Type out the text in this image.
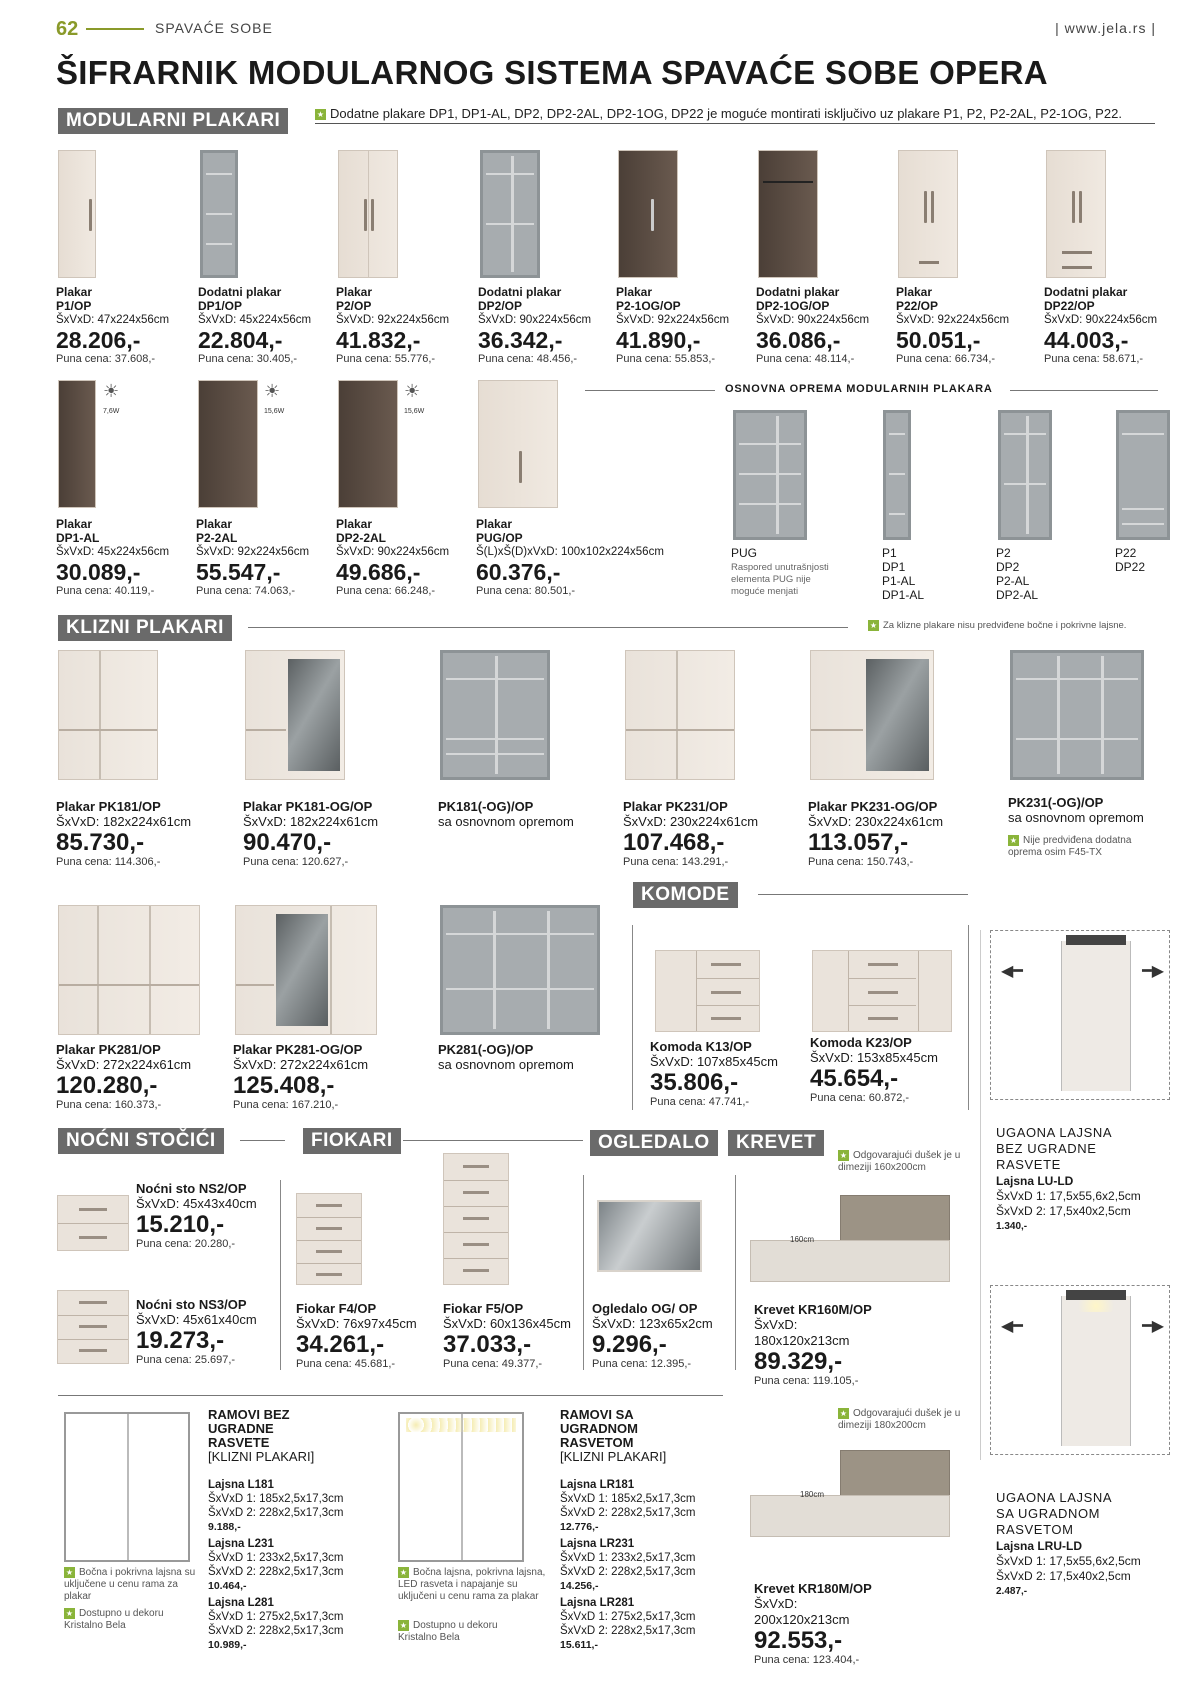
62	SPAVAĆE SOBE	| www.jela.rs |
ŠIFRARNIK MODULARNOG SISTEMA SPAVAĆE SOBE OPERA
MODULARNI PLAKARI	★ Dodatne plakare DP1, DP1-AL, DP2, DP2-2AL, DP2-1OG, DP22 je moguće montirati isključivo uz plakare P1, P2, P2-2AL, P2-1OG, P22.
☀
7,6W
☀
15,6W
☀
15,6W
OSNOVNA OPREMA MODULARNIH PLAKARA
PUG
Raspored unutrašnjosti elementa PUG nije moguće menjati
P1
DP1
P1-AL
DP1-AL
P2
DP2
P2-AL
DP2-AL
P22
DP22
KLIZNI PLAKARI	★ Za klizne plakare nisu predviđene bočne i pokrivne lajsne.
KOMODE
◀━	━▶
UGAONA LAJSNA
BEZ UGRADNE
RASVETE
Lajsna LU-LD
ŠxVxD 1: 17,5x55,6x2,5cm
ŠxVxD 2: 17,5x40x2,5cm
1.340,-
◀━	━▶
UGAONA LAJSNA
SA UGRADNOM
RASVETOM
Lajsna LRU-LD
ŠxVxD 1: 17,5x55,6x2,5cm
ŠxVxD 2: 17,5x40x2,5cm
2.487,-
NOĆNI STOČIĆI	FIOKARI	OGLEDALO	KREVET
★ Odgovarajući dušek je u dimeziji 160x200cm
160cm
★ Odgovarajući dušek je u dimeziji 180x200cm
180cm
RAMOVI BEZ
UGRADNE
RASVETE
[KLIZNI PLAKARI]
Lajsna L181
ŠxVxD 1: 185x2,5x17,3cm
ŠxVxD 2: 228x2,5x17,3cm
9.188,-
Lajsna L231
ŠxVxD 1: 233x2,5x17,3cm
ŠxVxD 2: 228x2,5x17,3cm
10.464,-
Lajsna L281
ŠxVxD 1: 275x2,5x17,3cm
ŠxVxD 2: 228x2,5x17,3cm
10.989,-
★ Bočna i pokrivna lajsna su uključene u cenu rama za plakar
★ Dostupno u dekoru Kristalno Bela
RAMOVI SA
UGRADNOM
RASVETOM
[KLIZNI PLAKARI]
Lajsna LR181
ŠxVxD 1: 185x2,5x17,3cm
ŠxVxD 2: 228x2,5x17,3cm
12.776,-
Lajsna LR231
ŠxVxD 1: 233x2,5x17,3cm
ŠxVxD 2: 228x2,5x17,3cm
14.256,-
Lajsna LR281
ŠxVxD 1: 275x2,5x17,3cm
ŠxVxD 2: 228x2,5x17,3cm
15.611,-
★ Bočna lajsna, pokrivna lajsna, LED rasveta i napajanje su uključeni u cenu rama za plakar
★ Dostupno u dekoru Kristalno Bela
Plakar
P1/OP
ŠxVxD: 47x224x56cm
28.206,-
Puna cena: 37.608,-
Dodatni plakar
DP1/OP
ŠxVxD: 45x224x56cm
22.804,-
Puna cena: 30.405,-
Plakar
P2/OP
ŠxVxD: 92x224x56cm
41.832,-
Puna cena: 55.776,-
Dodatni plakar
DP2/OP
ŠxVxD: 90x224x56cm
36.342,-
Puna cena: 48.456,-
Plakar
P2-1OG/OP
ŠxVxD: 92x224x56cm
41.890,-
Puna cena: 55.853,-
Dodatni plakar
DP2-1OG/OP
ŠxVxD: 90x224x56cm
36.086,-
Puna cena: 48.114,-
Plakar
P22/OP
ŠxVxD: 92x224x56cm
50.051,-
Puna cena: 66.734,-
Dodatni plakar
DP22/OP
ŠxVxD: 90x224x56cm
44.003,-
Puna cena: 58.671,-
Plakar
DP1-AL
ŠxVxD: 45x224x56cm
30.089,-
Puna cena: 40.119,-
Plakar
P2-2AL
ŠxVxD: 92x224x56cm
55.547,-
Puna cena: 74.063,-
Plakar
DP2-2AL
ŠxVxD: 90x224x56cm
49.686,-
Puna cena: 66.248,-
Plakar
PUG/OP
Š(L)xŠ(D)xVxD: 100x102x224x56cm
60.376,-
Puna cena: 80.501,-
Plakar PK181/OP
ŠxVxD: 182x224x61cm
85.730,-
Puna cena: 114.306,-
Plakar PK181-OG/OP
ŠxVxD: 182x224x61cm
90.470,-
Puna cena: 120.627,-
PK181(-OG)/OP
sa osnovnom opremom
Plakar PK231/OP
ŠxVxD: 230x224x61cm
107.468,-
Puna cena: 143.291,-
Plakar PK231-OG/OP
ŠxVxD: 230x224x61cm
113.057,-
Puna cena: 150.743,-
PK231(-OG)/OP
sa osnovnom opremom
★ Nije predviđena dodatna oprema osim F45-TX
Plakar PK281/OP
ŠxVxD: 272x224x61cm
120.280,-
Puna cena: 160.373,-
Plakar PK281-OG/OP
ŠxVxD: 272x224x61cm
125.408,-
Puna cena: 167.210,-
PK281(-OG)/OP
sa osnovnom opremom
Komoda K13/OP
ŠxVxD: 107x85x45cm
35.806,-
Puna cena: 47.741,-
Komoda K23/OP
ŠxVxD: 153x85x45cm
45.654,-
Puna cena: 60.872,-
Noćni sto NS2/OP
ŠxVxD: 45x43x40cm
15.210,-
Puna cena: 20.280,-
Noćni sto NS3/OP
ŠxVxD: 45x61x40cm
19.273,-
Puna cena: 25.697,-
Fiokar F4/OP
ŠxVxD: 76x97x45cm
34.261,-
Puna cena: 45.681,-
Fiokar F5/OP
ŠxVxD: 60x136x45cm
37.033,-
Puna cena: 49.377,-
Ogledalo OG/ OP
ŠxVxD: 123x65x2cm
9.296,-
Puna cena: 12.395,-
Krevet KR160M/OP
ŠxVxD:
180x120x213cm
89.329,-
Puna cena: 119.105,-
Krevet KR180M/OP
ŠxVxD:
200x120x213cm
92.553,-
Puna cena: 123.404,-
